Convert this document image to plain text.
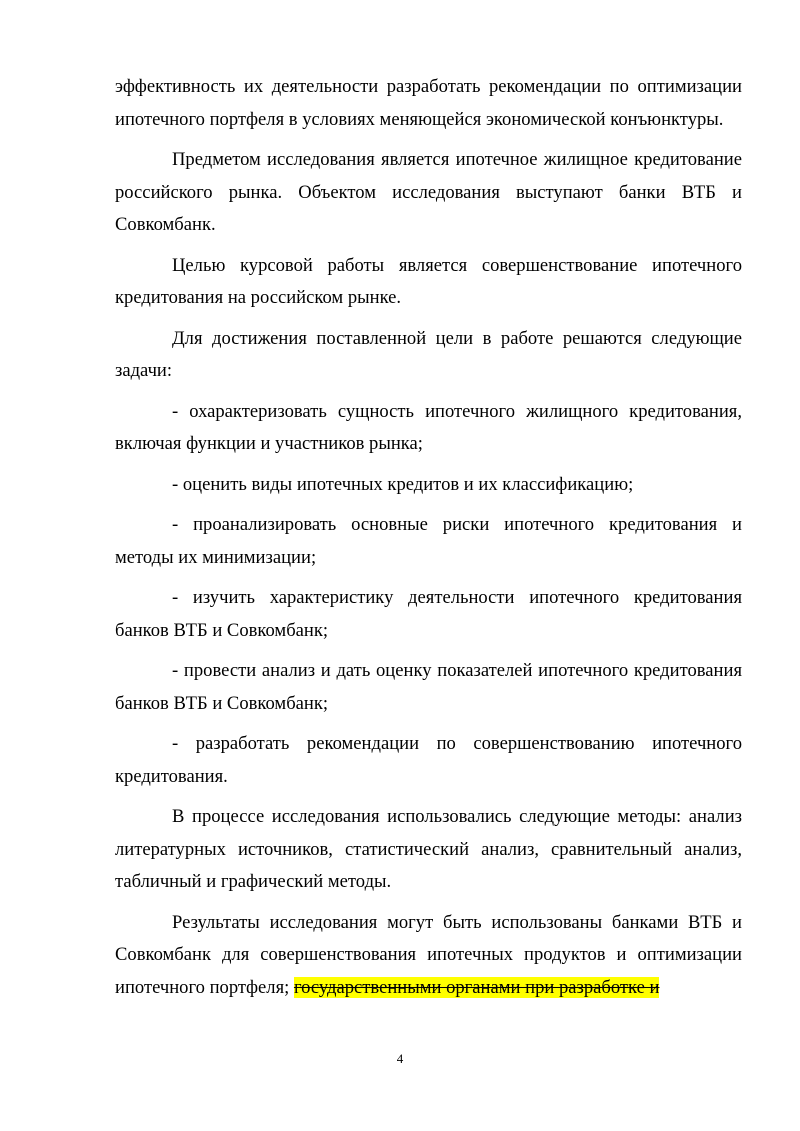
эффективность их деятельности разработать рекомендации по оптимизации ипотечного портфеля в условиях меняющейся экономической конъюнктуры.

Предметом исследования является ипотечное жилищное кредитование российского рынка. Объектом исследования выступают банки ВТБ и Совкомбанк.

Целью курсовой работы является совершенствование ипотечного кредитования на российском рынке.

Для достижения поставленной цели в работе решаются следующие задачи:

- охарактеризовать сущность ипотечного жилищного кредитования, включая функции и участников рынка;

- оценить виды ипотечных кредитов и их классификацию;

- проанализировать основные риски ипотечного кредитования и методы их минимизации;

- изучить характеристику деятельности ипотечного кредитования банков ВТБ и Совкомбанк;

- провести анализ и дать оценку показателей ипотечного кредитования банков ВТБ и Совкомбанк;

- разработать рекомендации по совершенствованию ипотечного кредитования.

В процессе исследования использовались следующие методы: анализ литературных источников, статистический анализ, сравнительный анализ, табличный и графический методы.

Результаты исследования могут быть использованы банками ВТБ и Совкомбанк для совершенствования ипотечных продуктов и оптимизации ипотечного портфеля; государственными органами при разработке и

4
